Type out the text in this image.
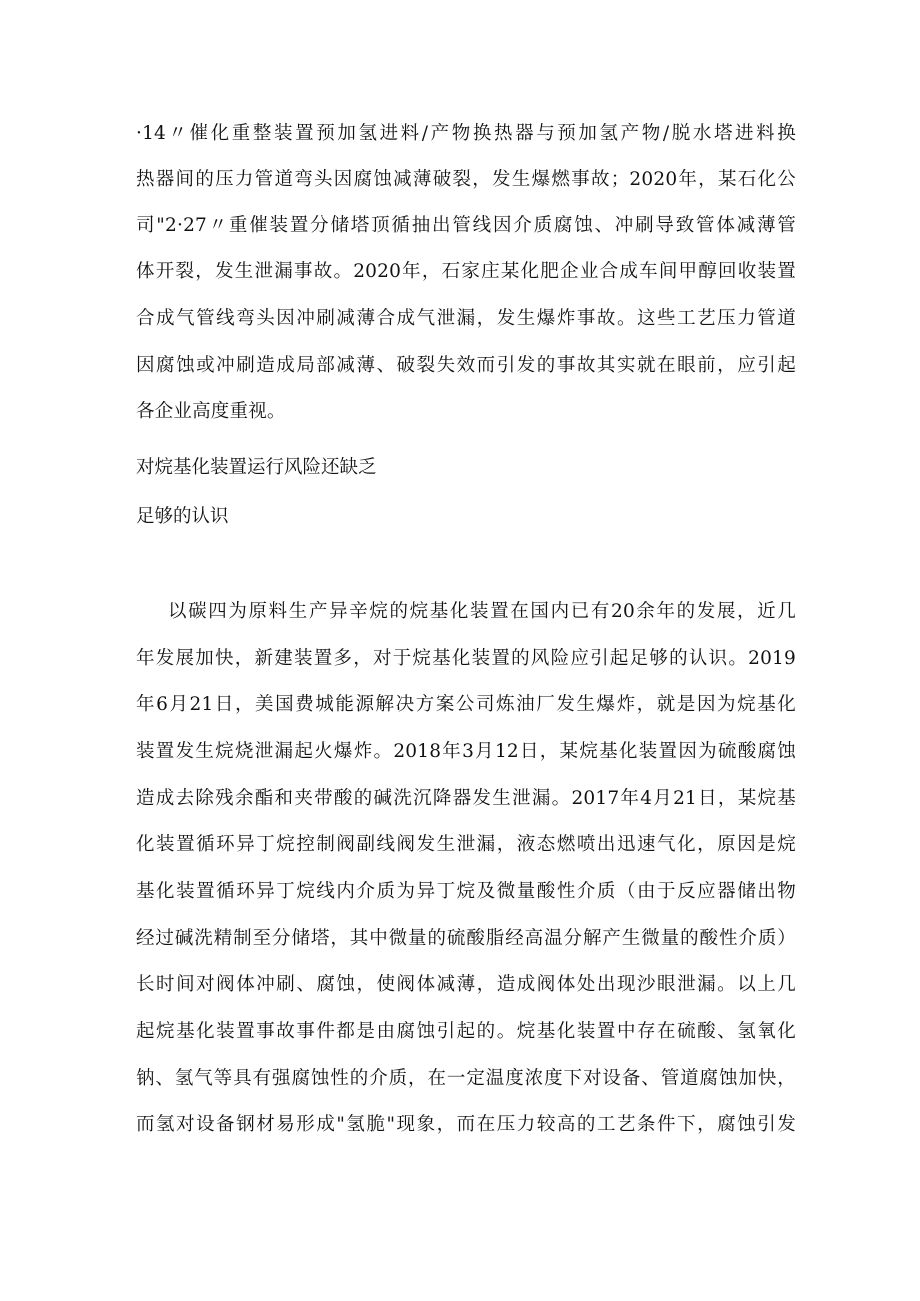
·14〃催化重整装置预加氢进料/产物换热器与预加氢产物/脱水塔进料换
热器间的压力管道弯头因腐蚀减薄破裂，发生爆燃事故；2020年，某石化公
司"2·27〃重催装置分储塔顶循抽出管线因介质腐蚀、冲刷导致管体减薄管
体开裂，发生泄漏事故。2020年，石家庄某化肥企业合成车间甲醇回收装置
合成气管线弯头因冲刷减薄合成气泄漏，发生爆炸事故。这些工艺压力管道
因腐蚀或冲刷造成局部减薄、破裂失效而引发的事故其实就在眼前，应引起
各企业高度重视。
对烷基化装置运行风险还缺乏
足够的认识
以碳四为原料生产异辛烷的烷基化装置在国内已有20余年的发展，近几
年发展加快，新建装置多，对于烷基化装置的风险应引起足够的认识。2019
年6月21日，美国费城能源解决方案公司炼油厂发生爆炸，就是因为烷基化
装置发生烷烧泄漏起火爆炸。2018年3月12日，某烷基化装置因为硫酸腐蚀
造成去除残余酯和夹带酸的碱洗沉降器发生泄漏。2017年4月21日，某烷基
化装置循环异丁烷控制阀副线阀发生泄漏，液态燃喷出迅速气化，原因是烷
基化装置循环异丁烷线内介质为异丁烷及微量酸性介质（由于反应器储出物
经过碱洗精制至分储塔，其中微量的硫酸脂经高温分解产生微量的酸性介质）
长时间对阀体冲刷、腐蚀，使阀体减薄，造成阀体处出现沙眼泄漏。以上几
起烷基化装置事故事件都是由腐蚀引起的。烷基化装置中存在硫酸、氢氧化
钠、氢气等具有强腐蚀性的介质，在一定温度浓度下对设备、管道腐蚀加快，
而氢对设备钢材易形成"氢脆"现象，而在压力较高的工艺条件下，腐蚀引发
